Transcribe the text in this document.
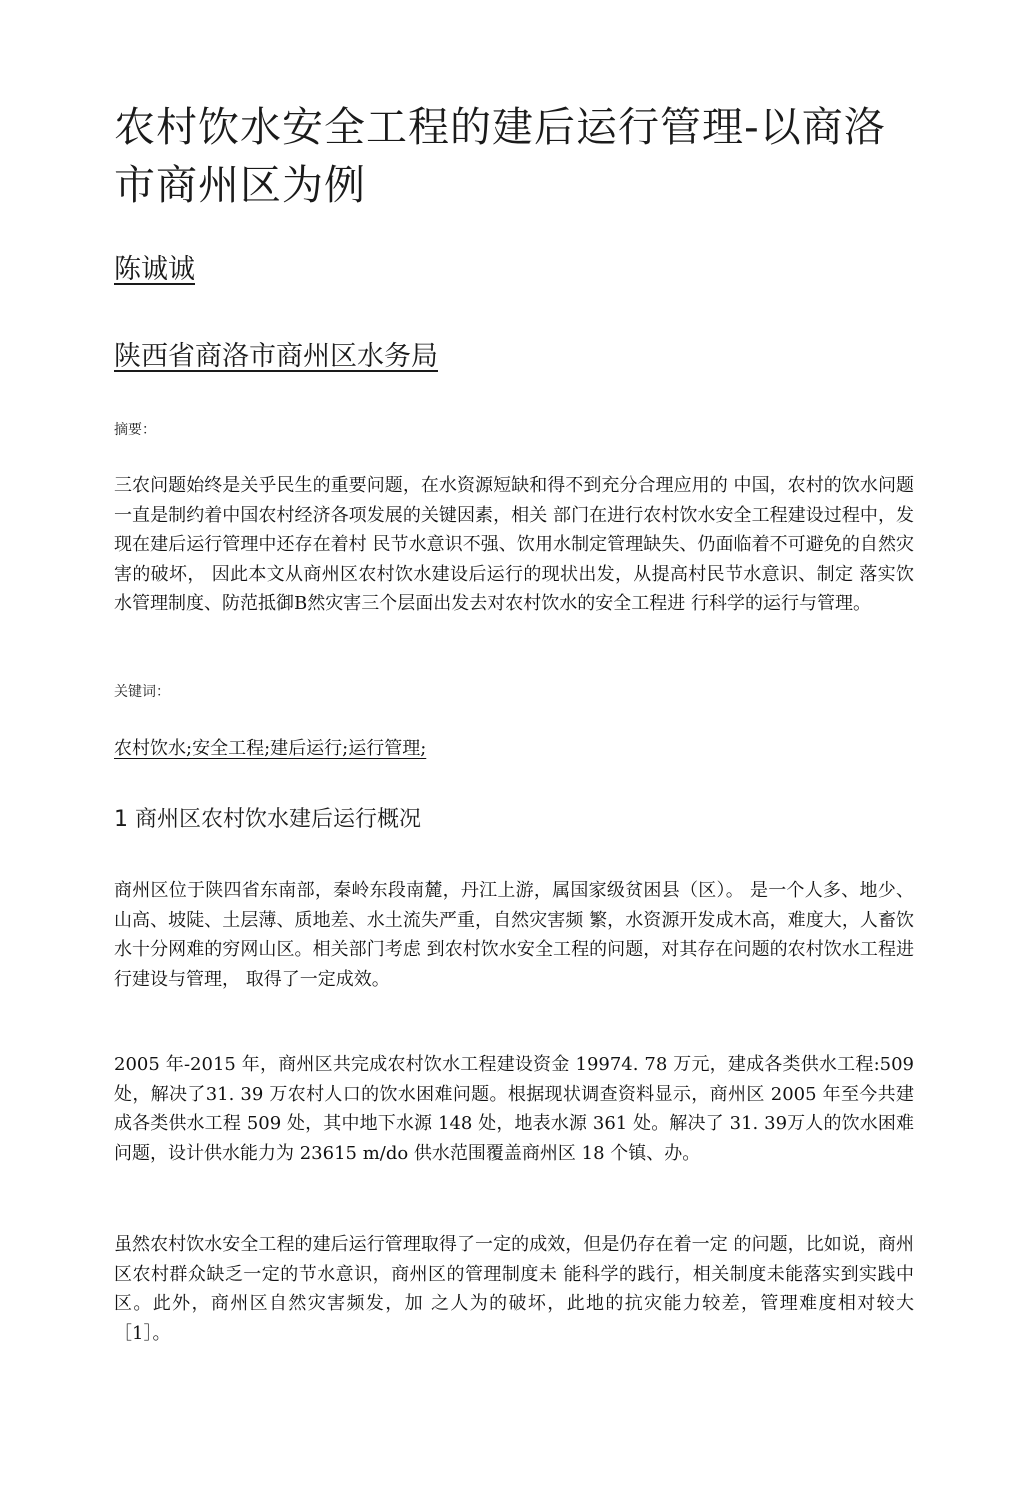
农村饮水安全工程的建后运行管理-以商洛市商州区为例
陈诚诚
陕西省商洛市商州区水务局
摘要：

三农问题始终是关乎民生的重要问题，在水资源短缺和得不到充分合理应用的 中国，农村的饮水问题一直是制约着中国农村经济各项发展的关键因素，相关 部门在进行农村饮水安全工程建设过程中，发现在建后运行管理中还存在着村 民节水意识不强、饮用水制定管理缺失、仍面临着不可避免的自然灾害的破坏， 因此本文从商州区农村饮水建设后运行的现状出发，从提高村民节水意识、制定 落实饮水管理制度、防范抵御B然灾害三个层面出发去对农村饮水的安全工程进 行科学的运行与管理。

关键词：
农村饮水;安全工程;建后运行;运行管理;
1 商州区农村饮水建后运行概况

商州区位于陕四省东南部，秦岭东段南麓，丹江上游，属国家级贫困县（区）。 是一个人多、地少、山高、坡陡、土层薄、质地差、水土流失严重，自然灾害频 繁，水资源开发成木高，难度大，人畜饮水十分网难的穷网山区。相关部门考虑 到农村饮水安全工程的问题，对其存在问题的农村饮水工程进行建设与管理， 取得了一定成效。

2005 年-2015 年，商州区共完成农村饮水工程建设资金 19974. 78 万元，建成各类供水工程:509 处，解决了31. 39 万农村人口的饮水困难问题。根据现状调查资料显示，商州区 2005 年至今共建成各类供水工程 509 处，其中地下水源 148 处，地表水源 361 处。解决了 31. 39万人的饮水困难问题，设计供水能力为 23615 m/do 供水范围覆盖商州区 18 个镇、办。

虽然农村饮水安全工程的建后运行管理取得了一定的成效，但是仍存在着一定 的问题，比如说，商州区农村群众缺乏一定的节水意识，商州区的管理制度未 能科学的践行，相关制度未能落实到实践中区。此外，商州区自然灾害频发，加 之人为的破坏，此地的抗灾能力较差，管理难度相对较大［1］。
